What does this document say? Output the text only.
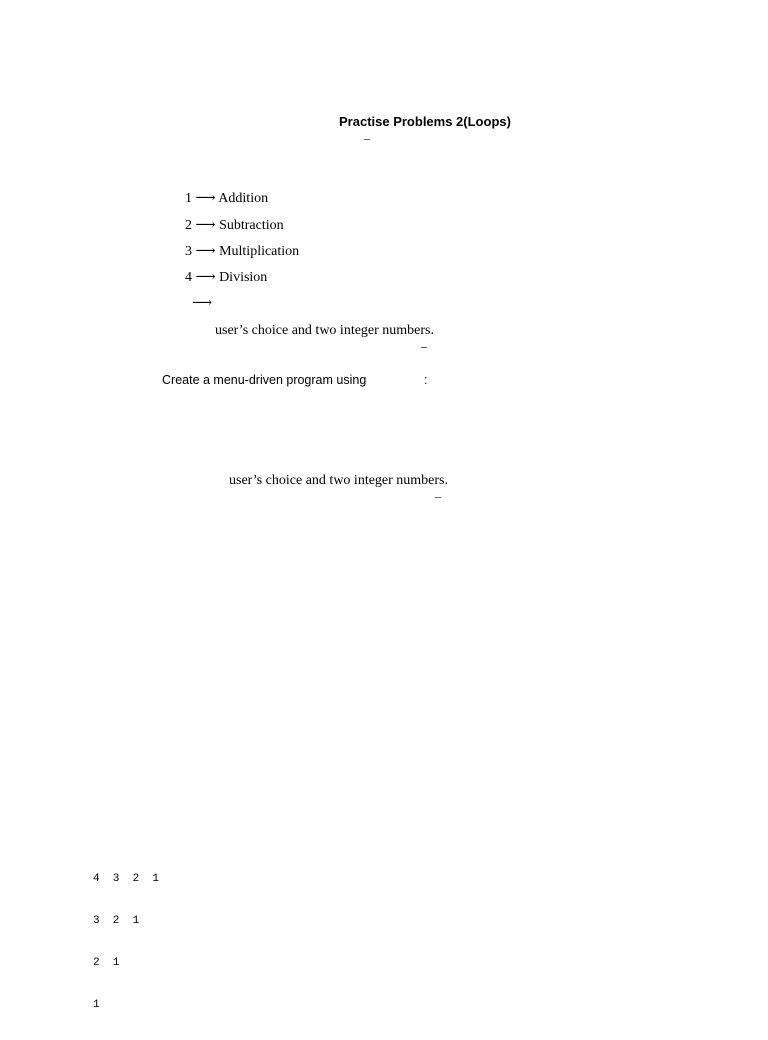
Practise Problems 2(Loops)
–
1 ⟶ Addition
2 ⟶ Subtraction
3 ⟶ Multiplication
4 ⟶ Division
⟶
user’s choice and two integer numbers.
–
Create a menu-driven program using	:
user’s choice and two integer numbers.
–

4  3  2  1

3  2  1

2  1

1
